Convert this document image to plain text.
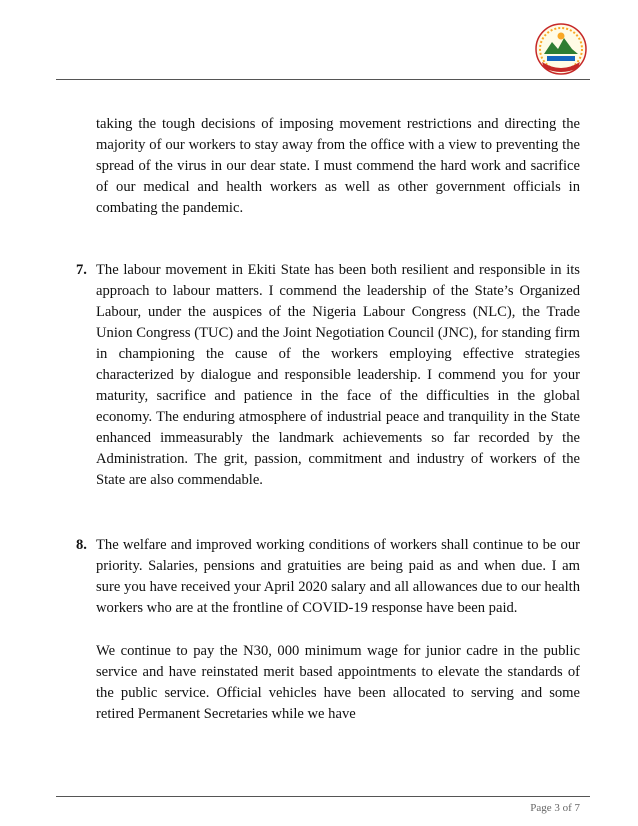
taking the tough decisions of imposing movement restrictions and directing the majority of our workers to stay away from the office with a view to preventing the spread of the virus in our dear state. I must commend the hard work and sacrifice of our medical and health workers as well as other government officials in combating the pandemic.

7. The labour movement in Ekiti State has been both resilient and responsible in its approach to labour matters. I commend the leadership of the State’s Organized Labour, under the auspices of the Nigeria Labour Congress (NLC), the Trade Union Congress (TUC) and the Joint Negotiation Council (JNC), for standing firm in championing the cause of the workers employing effective strategies characterized by dialogue and responsible leadership. I commend you for your maturity, sacrifice and patience in the face of the difficulties in the global economy. The enduring atmosphere of industrial peace and tranquility in the State enhanced immeasurably the landmark achievements so far recorded by the Administration. The grit, passion, commitment and industry of workers of the State are also commendable.

8. The welfare and improved working conditions of workers shall continue to be our priority. Salaries, pensions and gratuities are being paid as and when due. I am sure you have received your April 2020 salary and all allowances due to our health workers who are at the frontline of COVID-19 response have been paid.

We continue to pay the N30, 000 minimum wage for junior cadre in the public service and have reinstated merit based appointments to elevate the standards of the public service. Official vehicles have been allocated to serving and some retired Permanent Secretaries while we have

Page 3 of 7
